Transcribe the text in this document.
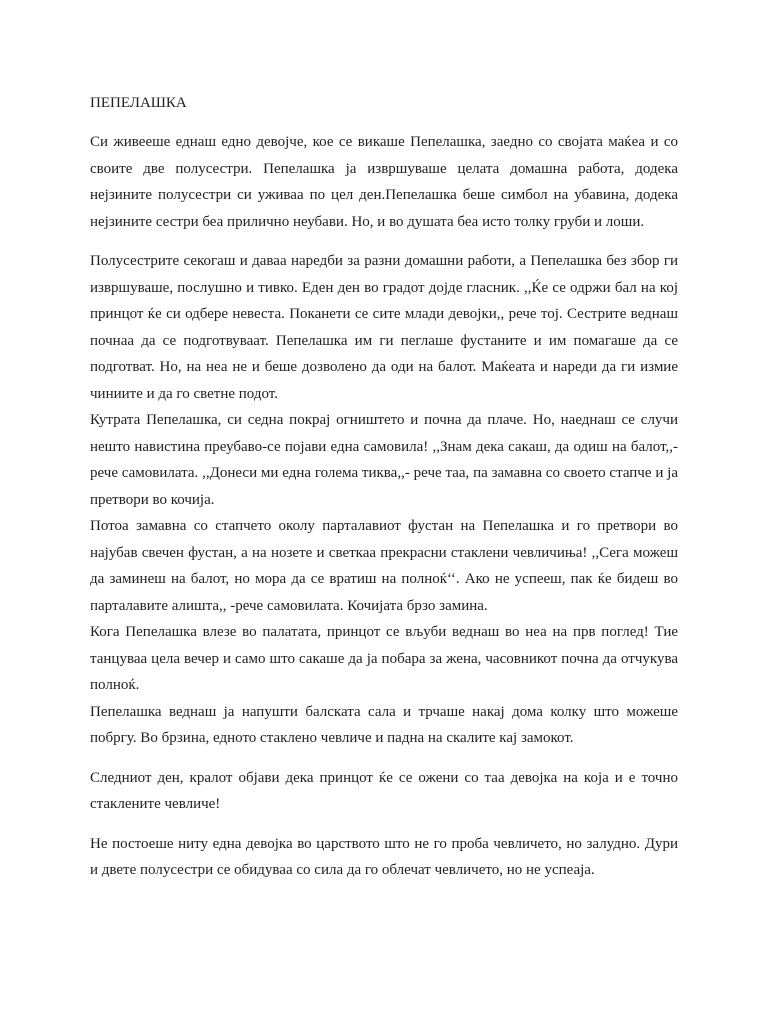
ПЕПЕЛАШКА

Си живееше еднаш едно девојче, кое се викаше Пепелашка, заедно со својата маќеа и со своите две полусестри. Пепелашка ја извршуваше целата домашна работа, додека нејзините полусестри си уживаа по цел ден.Пепелашка беше симбол на убавина, додека нејзините сестри беа прилично неубави. Но, и во душата беа исто толку груби и лоши.

Полусестрите секогаш и даваа наредби за разни домашни работи, а Пепелашка без збор ги извршуваше, послушно и тивко. Еден ден во градот дојде гласник. ,,Ќе се одржи бал на кој принцот ќе си одбере невеста. Поканети се сите млади девојки,, рече тој. Сестрите веднаш почнаа да се подготвуваат. Пепелашка им ги пеглаше фустаните и им помагаше да се подготват. Но, на неа не и беше дозволено да оди на балот. Маќеата и нареди да ги измие чиниите и да го светне подот.

Кутрата Пепелашка, си седна покрај огништето и почна да плаче. Но, наеднаш се случи нешто навистина преубаво-се појави една самовила! ,,Знам дека сакаш, да одиш на балот,,- рече самовилата. ,,Донеси ми една голема тиква,,- рече таа, па замавна со своето стапче и ја претвори во кочија.

Потоа замавна со стапчето околу парталавиот фустан на Пепелашка и го претвори во најубав свечен фустан, а на нозете и светкаа прекрасни стаклени чевличиња! ,,Сега можеш да заминеш на балот, но мора да се вратиш на полноќ‘‘. Ако не успееш, пак ќе бидеш во парталавите алишта,, -рече самовилата. Кочијата брзо замина.

Кога Пепелашка влезе во палатата, принцот се вљуби веднаш во неа на прв поглед! Тие танцуваа цела вечер и само што сакаше да ја побара за жена, часовникот почна да отчукува полноќ.

Пепелашка веднаш ја напушти балската сала и трчаше накај дома колку што можеше побргу. Во брзина, едното стаклено чевличе и падна на скалите кај замокот.

Следниот ден, кралот објави дека принцот ќе се ожени со таа девојка на која и е точно стаклените чевличе!

Не постоеше ниту една девојка во царството што не го проба чевличето, но залудно. Дури и двете полусестри се обидуваа со сила да го облечат чевличето, но не успеаја.
